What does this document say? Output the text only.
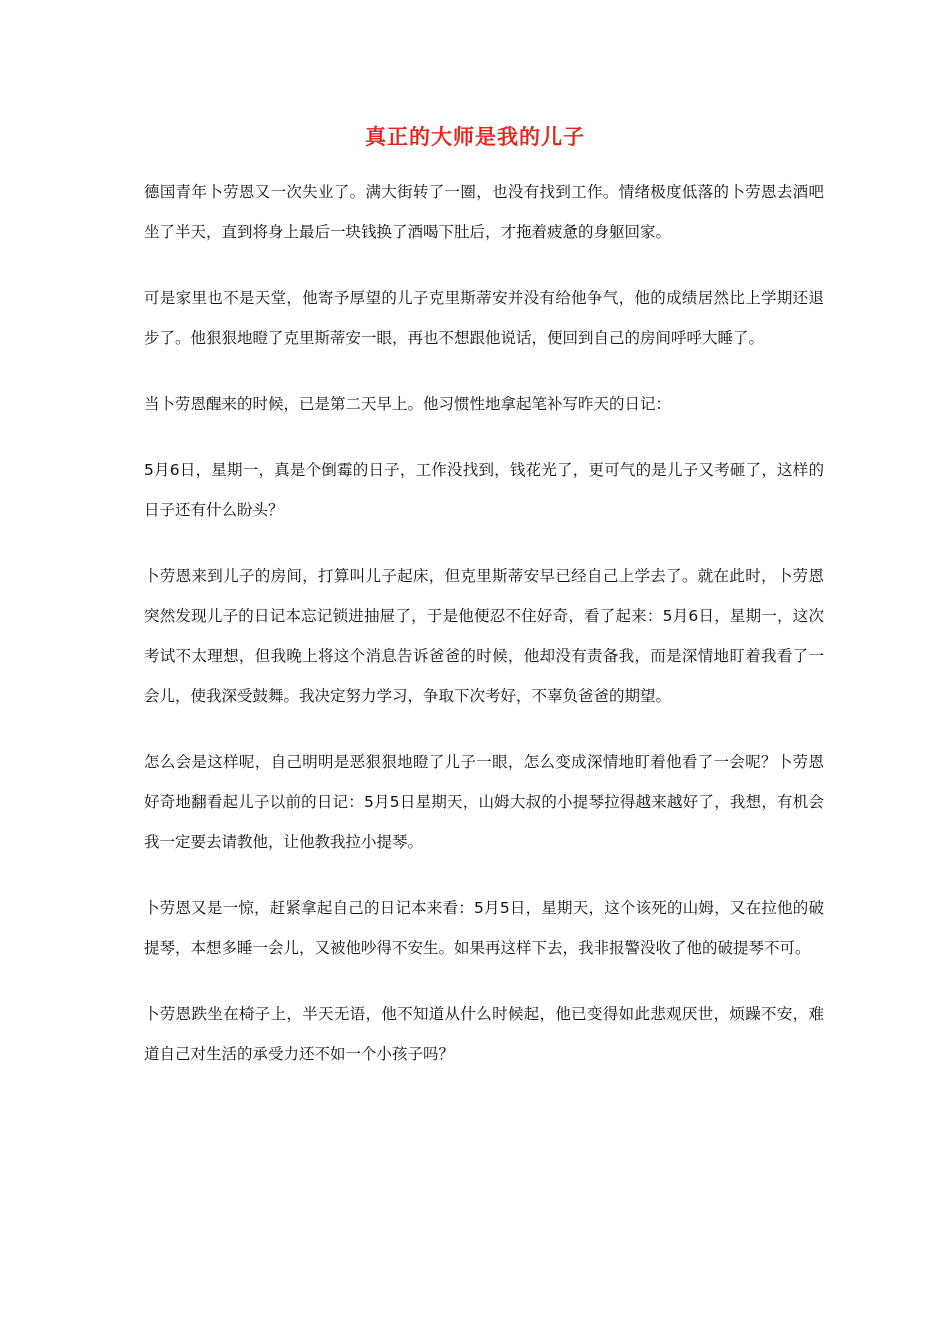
真正的大师是我的儿子

德国青年卜劳恩又一次失业了。满大街转了一圈，也没有找到工作。情绪极度低落的卜劳恩去酒吧坐了半天，直到将身上最后一块钱换了酒喝下肚后，才拖着疲惫的身躯回家。

可是家里也不是天堂，他寄予厚望的儿子克里斯蒂安并没有给他争气，他的成绩居然比上学期还退步了。他狠狠地瞪了克里斯蒂安一眼，再也不想跟他说话，便回到自己的房间呼呼大睡了。

当卜劳恩醒来的时候，已是第二天早上。他习惯性地拿起笔补写昨天的日记：

5月6日，星期一，真是个倒霉的日子，工作没找到，钱花光了，更可气的是儿子又考砸了，这样的日子还有什么盼头？

卜劳恩来到儿子的房间，打算叫儿子起床，但克里斯蒂安早已经自己上学去了。就在此时，卜劳恩突然发现儿子的日记本忘记锁进抽屉了，于是他便忍不住好奇，看了起来：5月6日，星期一，这次考试不太理想，但我晚上将这个消息告诉爸爸的时候，他却没有责备我，而是深情地盯着我看了一会儿，使我深受鼓舞。我决定努力学习，争取下次考好，不辜负爸爸的期望。

怎么会是这样呢，自己明明是恶狠狠地瞪了儿子一眼，怎么变成深情地盯着他看了一会呢？卜劳恩好奇地翻看起儿子以前的日记：5月5日星期天，山姆大叔的小提琴拉得越来越好了，我想，有机会我一定要去请教他，让他教我拉小提琴。

卜劳恩又是一惊，赶紧拿起自己的日记本来看：5月5日，星期天，这个该死的山姆，又在拉他的破提琴，本想多睡一会儿，又被他吵得不安生。如果再这样下去，我非报警没收了他的破提琴不可。

卜劳恩跌坐在椅子上，半天无语，他不知道从什么时候起，他已变得如此悲观厌世，烦躁不安，难道自己对生活的承受力还不如一个小孩子吗？
